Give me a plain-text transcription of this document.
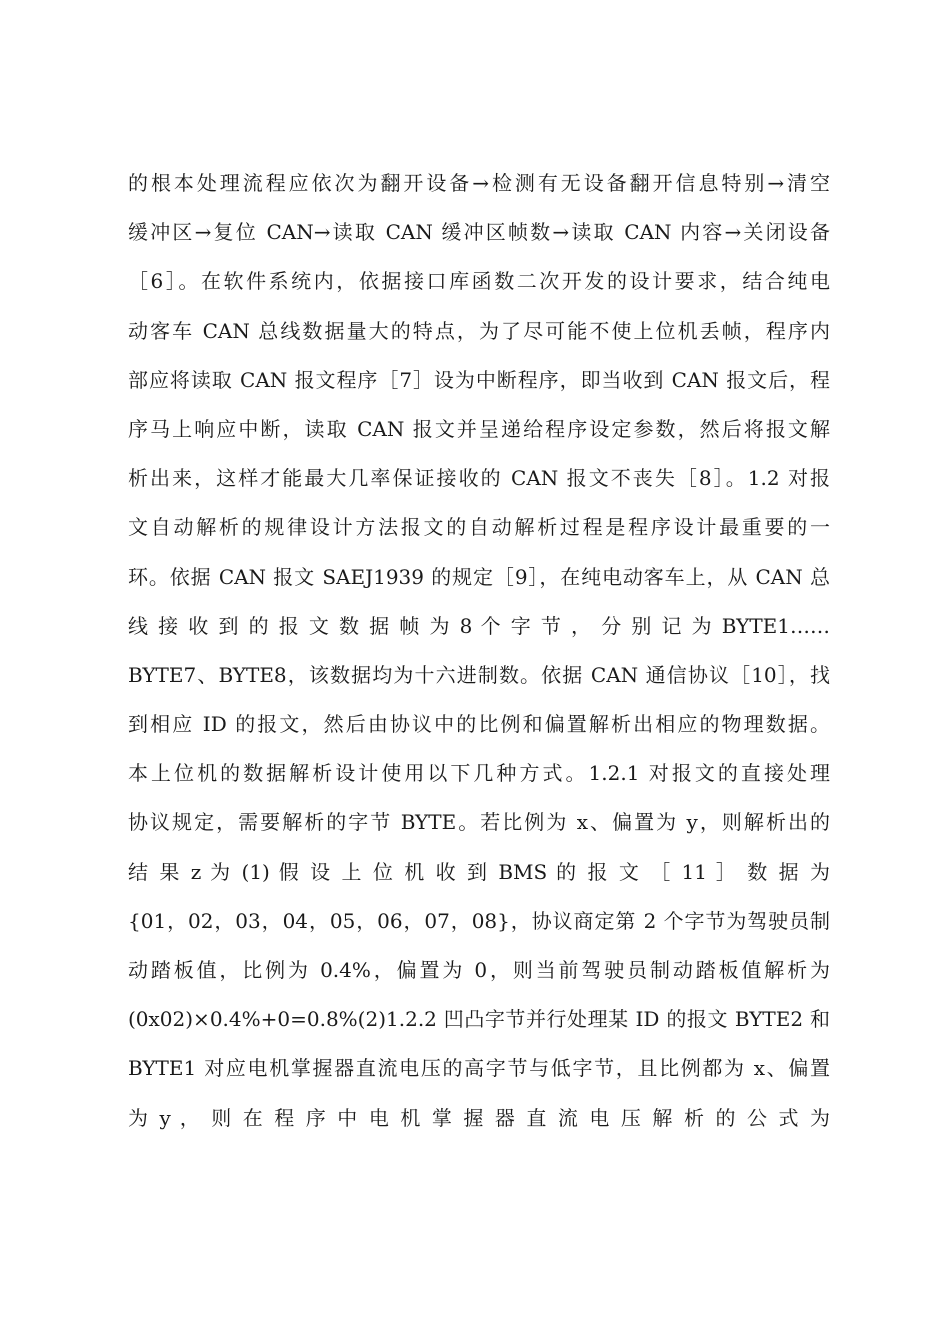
的根本处理流程应依次为翻开设备→检测有无设备翻开信息特别→清空
缓冲区→复位 CAN→读取 CAN 缓冲区帧数→读取 CAN 内容→关闭设备
［6］。在软件系统内，依据接口库函数二次开发的设计要求，结合纯电
动客车 CAN 总线数据量大的特点，为了尽可能不使上位机丢帧，程序内
部应将读取 CAN 报文程序［7］设为中断程序，即当收到 CAN 报文后，程
序马上响应中断，读取 CAN 报文并呈递给程序设定参数，然后将报文解
析出来，这样才能最大几率保证接收的 CAN 报文不丧失［8］。1.2 对报
文自动解析的规律设计方法报文的自动解析过程是程序设计最重要的一
环。依据 CAN 报文 SAEJ1939 的规定［9］，在纯电动客车上，从 CAN 总
线 接 收 到 的 报 文 数 据 帧 为 8 个 字 节 ， 分 别 记 为 BYTE1……
BYTE7、BYTE8，该数据均为十六进制数。依据 CAN 通信协议［10］，找
到相应 ID 的报文，然后由协议中的比例和偏置解析出相应的物理数据。
本上位机的数据解析设计使用以下几种方式。1.2.1 对报文的直接处理
协议规定，需要解析的字节 BYTE。若比例为 x、偏置为 y，则解析出的
结 果 z 为 (1) 假 设 上 位 机 收 到 BMS 的 报 文 ［ 11 ］ 数 据 为
{01，02，03，04，05，06，07，08}，协议商定第 2 个字节为驾驶员制
动踏板值，比例为 0.4%，偏置为 0，则当前驾驶员制动踏板值解析为
(0x02)×0.4%+0=0.8%(2)1.2.2 凹凸字节并行处理某 ID 的报文 BYTE2 和
BYTE1 对应电机掌握器直流电压的高字节与低字节，且比例都为 x、偏置
为 y ， 则 在 程 序 中 电 机 掌 握 器 直 流 电 压 解 析 的 公 式 为
